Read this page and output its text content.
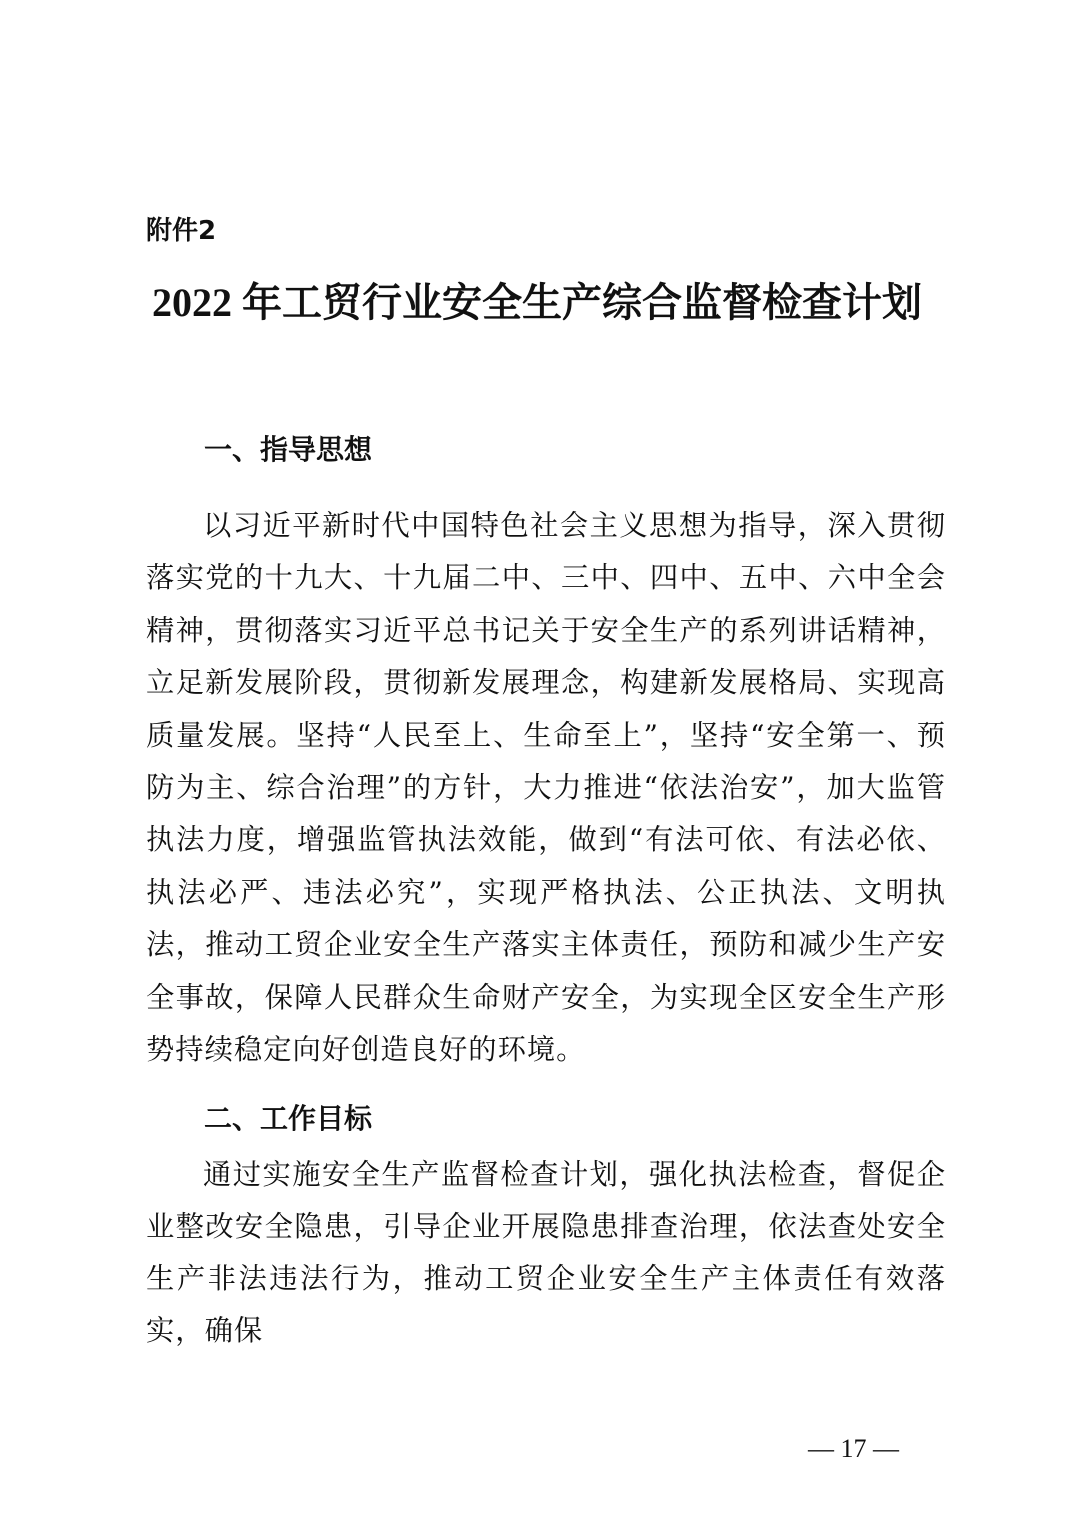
附件2
2022 年工贸行业安全生产综合监督检查计划
一、指导思想

以习近平新时代中国特色社会主义思想为指导，深入贯彻落实党的十九大、十九届二中、三中、四中、五中、六中全会精神，贯彻落实习近平总书记关于安全生产的系列讲话精神，立足新发展阶段，贯彻新发展理念，构建新发展格局、实现高质量发展。坚持“人民至上、生命至上”，坚持“安全第一、预防为主、综合治理”的方针，大力推进“依法治安”，加大监管执法力度，增强监管执法效能，做到“有法可依、有法必依、执法必严、违法必究”，实现严格执法、公正执法、文明执法，推动工贸企业安全生产落实主体责任，预防和减少生产安全事故，保障人民群众生命财产安全，为实现全区安全生产形势持续稳定向好创造良好的环境。

二、工作目标

通过实施安全生产监督检查计划，强化执法检查，督促企业整改安全隐患，引导企业开展隐患排查治理，依法查处安全生产非法违法行为，推动工贸企业安全生产主体责任有效落实，确保

— 17 —
